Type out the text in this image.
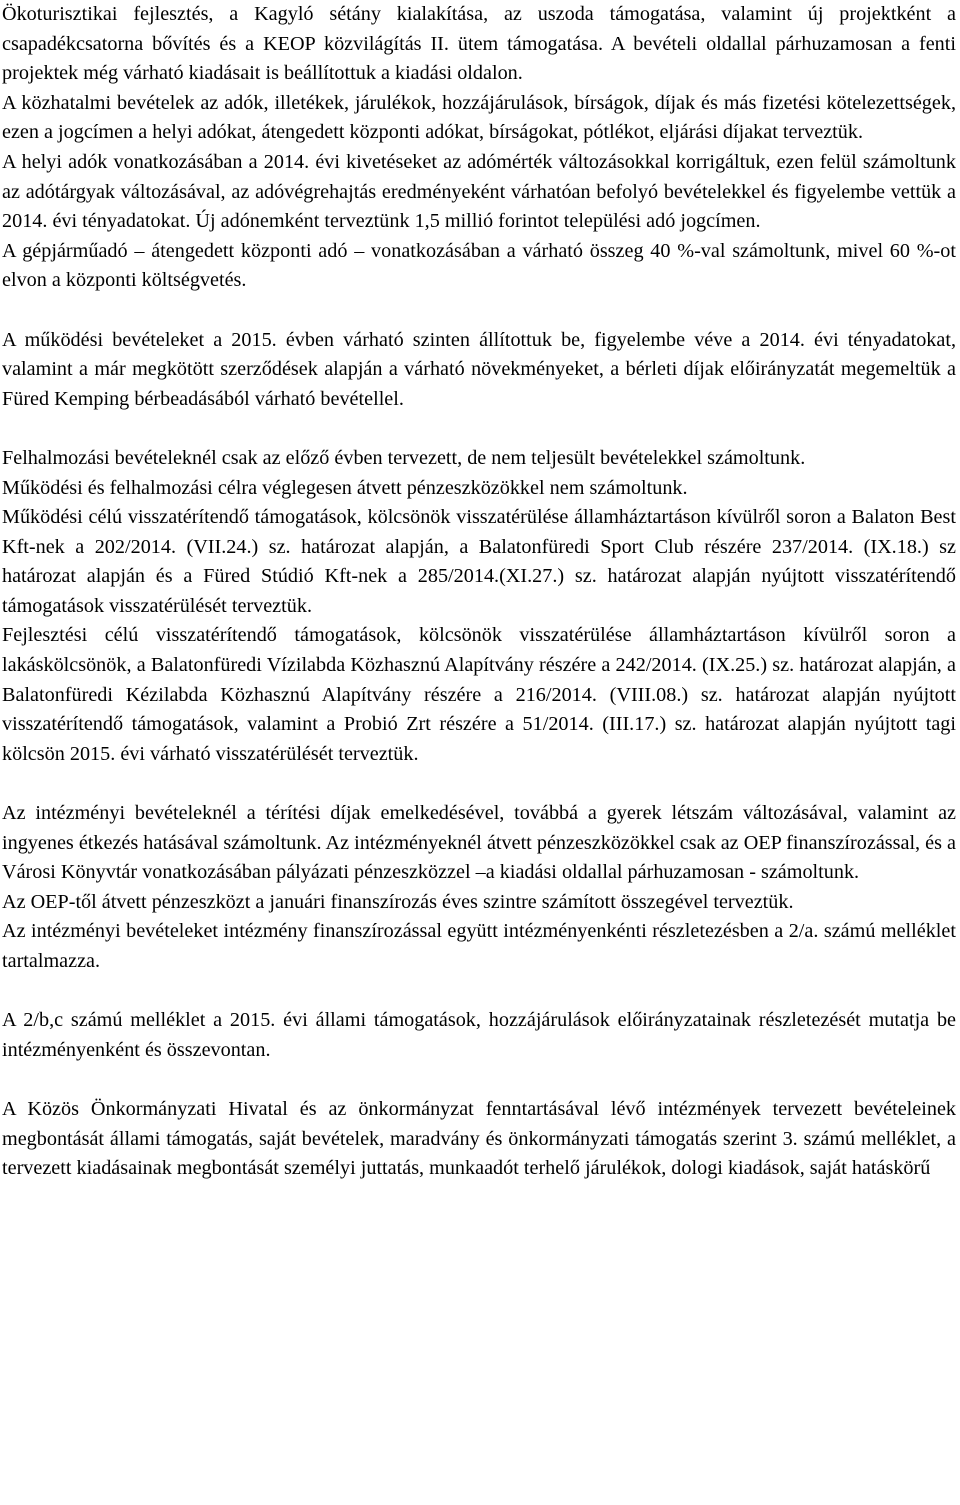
Ökoturisztikai fejlesztés, a Kagyló sétány kialakítása, az uszoda támogatása, valamint új projektként a csapadékcsatorna bővítés és a KEOP közvilágítás II. ütem támogatása. A bevételi oldallal párhuzamosan a fenti projektek még várható kiadásait is beállítottuk a kiadási oldalon.

A közhatalmi bevételek az adók, illetékek, járulékok, hozzájárulások, bírságok, díjak és más fizetési kötelezettségek, ezen a jogcímen a helyi adókat, átengedett központi adókat, bírságokat, pótlékot, eljárási díjakat terveztük.

A helyi adók vonatkozásában a 2014. évi kivetéseket az adómérték változásokkal korrigáltuk, ezen felül számoltunk az adótárgyak változásával, az adóvégrehajtás eredményeként várhatóan befolyó bevételekkel és figyelembe vettük a 2014. évi tényadatokat. Új adónemként terveztünk 1,5 millió forintot települési adó jogcímen.

A gépjárműadó – átengedett központi adó – vonatkozásában a várható összeg 40 %-val számoltunk, mivel 60 %-ot elvon a központi költségvetés.

A működési bevételeket a 2015. évben várható szinten állítottuk be, figyelembe véve a 2014. évi tényadatokat, valamint a már megkötött szerződések alapján a várható növekményeket, a bérleti díjak előirányzatát megemeltük a Füred Kemping bérbeadásából várható bevétellel.

Felhalmozási bevételeknél csak az előző évben tervezett, de nem teljesült bevételekkel számoltunk.

Működési és felhalmozási célra véglegesen átvett pénzeszközökkel nem számoltunk.

Működési célú visszatérítendő támogatások, kölcsönök visszatérülése államháztartáson kívülről soron a Balaton Best Kft-nek a 202/2014. (VII.24.) sz. határozat alapján, a Balatonfüredi Sport Club részére 237/2014. (IX.18.) sz határozat alapján és a Füred Stúdió Kft-nek a 285/2014.(XI.27.) sz. határozat alapján nyújtott visszatérítendő támogatások visszatérülését terveztük.

Fejlesztési célú visszatérítendő támogatások, kölcsönök visszatérülése államháztartáson kívülről soron a lakáskölcsönök, a Balatonfüredi Vízilabda Közhasznú Alapítvány részére a 242/2014. (IX.25.) sz. határozat alapján, a Balatonfüredi Kézilabda Közhasznú Alapítvány részére a 216/2014. (VIII.08.) sz. határozat alapján nyújtott visszatérítendő támogatások, valamint a Probió Zrt részére a 51/2014. (III.17.) sz. határozat alapján nyújtott tagi kölcsön 2015. évi várható visszatérülését terveztük.

Az intézményi bevételeknél a térítési díjak emelkedésével, továbbá a gyerek létszám változásával, valamint az ingyenes étkezés hatásával számoltunk. Az intézményeknél átvett pénzeszközökkel csak az OEP finanszírozással, és a Városi Könyvtár vonatkozásában pályázati pénzeszközzel –a kiadási oldallal párhuzamosan - számoltunk.

Az OEP-től átvett pénzeszközt a januári finanszírozás éves szintre számított összegével terveztük.

Az intézményi bevételeket intézmény finanszírozással együtt intézményenkénti részletezésben a 2/a. számú melléklet tartalmazza.

A 2/b,c számú melléklet a 2015. évi állami támogatások, hozzájárulások előirányzatainak részletezését mutatja be intézményenként és összevontan.

A Közös Önkormányzati Hivatal és az önkormányzat fenntartásával lévő intézmények tervezett bevételeinek megbontását állami támogatás, saját bevételek, maradvány és önkormányzati támogatás szerint 3. számú melléklet, a tervezett kiadásainak megbontását személyi juttatás, munkaadót terhelő járulékok, dologi kiadások, saját hatáskörű
